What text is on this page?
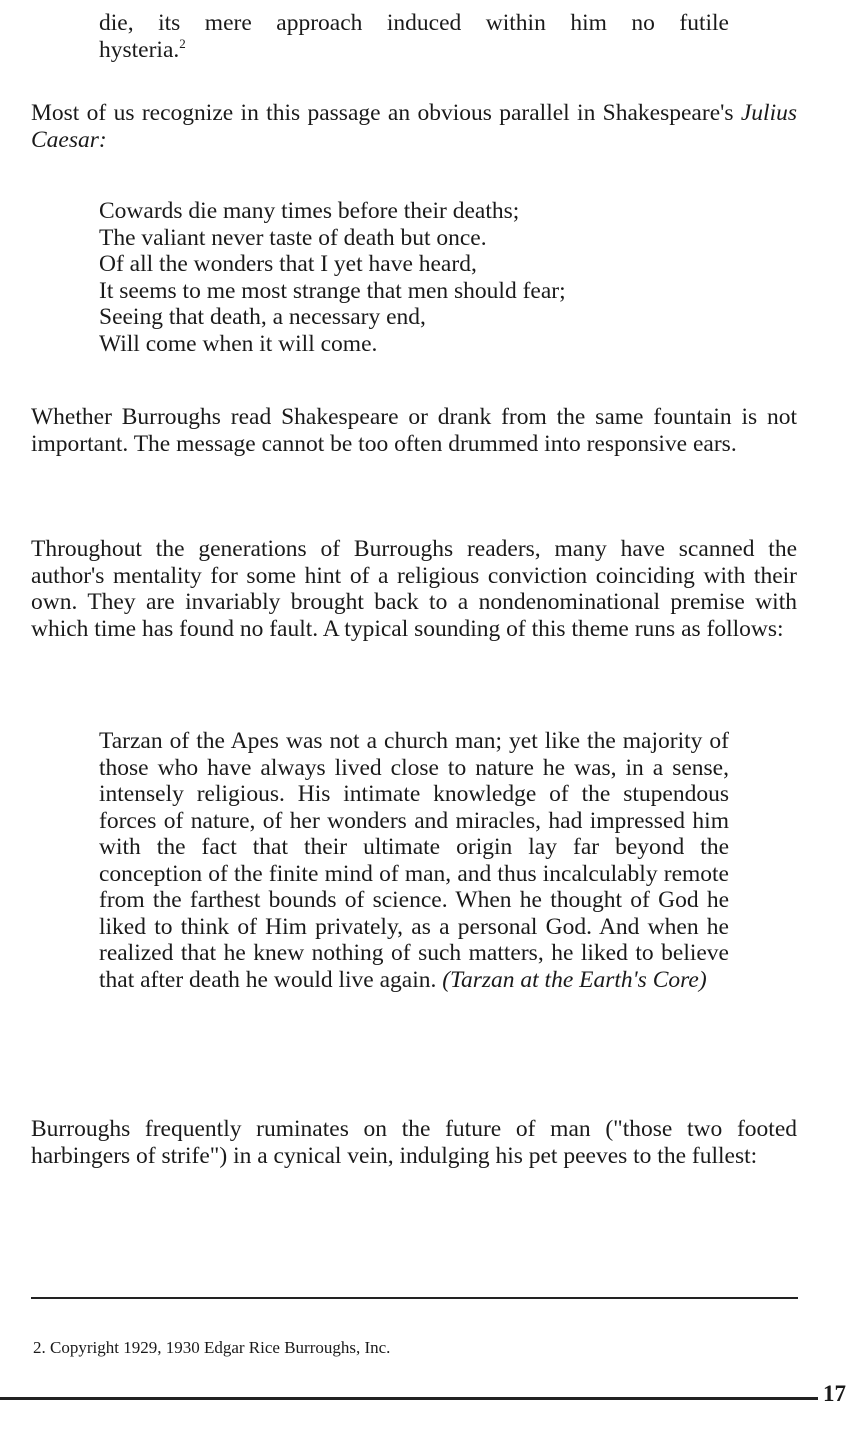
die, its mere approach induced within him no futile
hysteria.$^2$
Most of us recognize in this passage an obvious parallel in Shakespeare's Julius Caesar:
Cowards die many times before their deaths;
The valiant never taste of death but once.
Of all the wonders that I yet have heard,
It seems to me most strange that men should fear;
Seeing that death, a necessary end,
Will come when it will come.
Whether Burroughs read Shakespeare or drank from the same fountain is not important. The message cannot be too often drummed into responsive ears.
Throughout the generations of Burroughs readers, many have scanned the author's mentality for some hint of a religious conviction coinciding with their own. They are invariably brought back to a nondenominational premise with which time has found no fault. A typical sounding of this theme runs as follows:
Tarzan of the Apes was not a church man; yet like the majority of those who have always lived close to nature he was, in a sense, intensely religious. His intimate knowledge of the stupendous forces of nature, of her wonders and miracles, had impressed him with the fact that their ultimate origin lay far beyond the conception of the finite mind of man, and thus incalculably remote from the farthest bounds of science. When he thought of God he liked to think of Him privately, as a personal God. And when he realized that he knew nothing of such matters, he liked to believe that after death he would live again. (Tarzan at the Earth's Core)
Burroughs frequently ruminates on the future of man ("those two footed harbingers of strife") in a cynical vein, indulging his pet peeves to the fullest:
2. Copyright 1929, 1930 Edgar Rice Burroughs, Inc.
17
